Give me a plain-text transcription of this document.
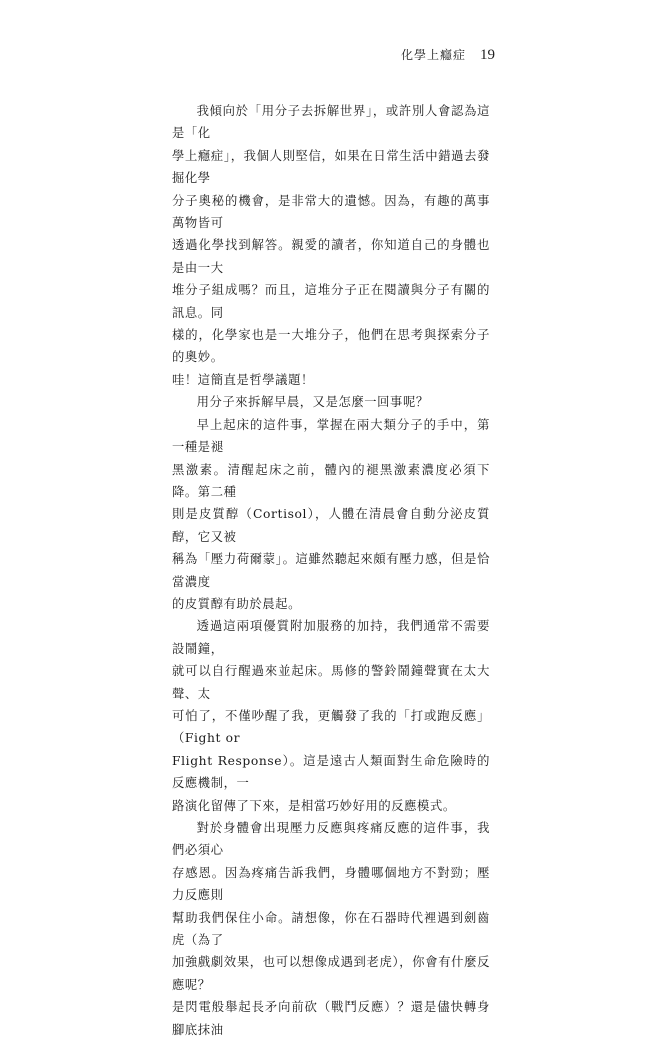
化學上癮症 19

我傾向於「用分子去拆解世界」，或許別人會認為這是「化
學上癮症」，我個人則堅信，如果在日常生活中錯過去發掘化學
分子奧秘的機會，是非常大的遺憾。因為，有趣的萬事萬物皆可
透過化學找到解答。親愛的讀者，你知道自己的身體也是由一大
堆分子組成嗎？而且，這堆分子正在閱讀與分子有關的訊息。同
樣的，化學家也是一大堆分子，他們在思考與探索分子的奧妙。
哇！這簡直是哲學議題！

用分子來拆解早晨，又是怎麼一回事呢？

早上起床的這件事，掌握在兩大類分子的手中，第一種是褪
黑激素。清醒起床之前，體內的褪黑激素濃度必須下降。第二種
則是皮質醇（Cortisol），人體在清晨會自動分泌皮質醇，它又被
稱為「壓力荷爾蒙」。這雖然聽起來頗有壓力感，但是恰當濃度
的皮質醇有助於晨起。

透過這兩項優質附加服務的加持，我們通常不需要設鬧鐘，
就可以自行醒過來並起床。馬修的警鈴鬧鐘聲實在太大聲、太
可怕了，不僅吵醒了我，更觸發了我的「打或跑反應」（Fight or
Flight Response）。這是遠古人類面對生命危險時的反應機制，一
路演化留傳了下來，是相當巧妙好用的反應模式。

對於身體會出現壓力反應與疼痛反應的這件事，我們必須心
存感恩。因為疼痛告訴我們，身體哪個地方不對勁；壓力反應則
幫助我們保住小命。請想像，你在石器時代裡遇到劍齒虎（為了
加強戲劇效果，也可以想像成遇到老虎），你會有什麼反應呢？
是閃電般舉起長矛向前砍（戰鬥反應）？還是儘快轉身腳底抹油
